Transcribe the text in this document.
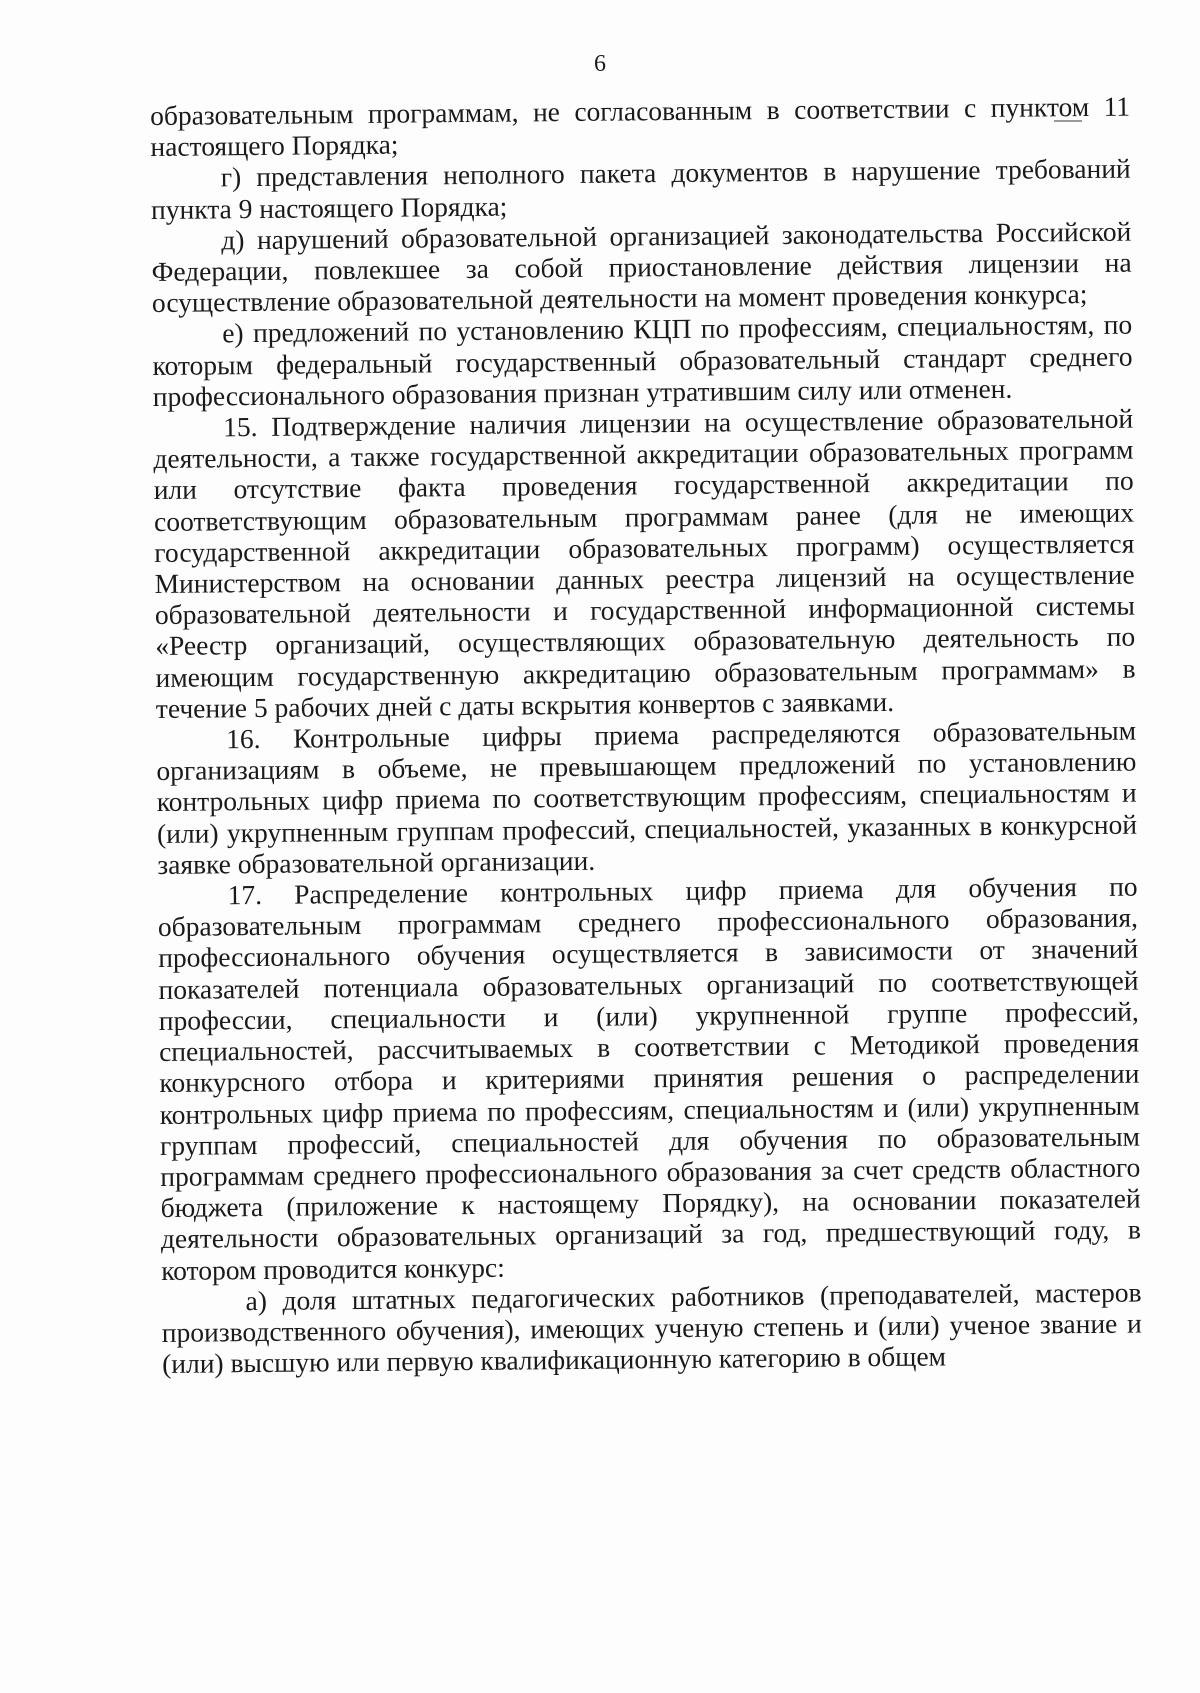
6

образовательным программам, не согласованным в соответствии с пунктом 11 настоящего Порядка;

г) представления неполного пакета документов в нарушение требований пункта 9 настоящего Порядка;

д) нарушений образовательной организацией законодательства Российской Федерации, повлекшее за собой приостановление действия лицензии на осуществление образовательной деятельности на момент проведения конкурса;

е) предложений по установлению КЦП по профессиям, специальностям, по которым федеральный государственный образовательный стандарт среднего профессионального образования признан утратившим силу или отменен.

15. Подтверждение наличия лицензии на осуществление образовательной деятельности, а также государственной аккредитации образовательных программ или отсутствие факта проведения государственной аккредитации по соответствующим образовательным программам ранее (для не имеющих государственной аккредитации образовательных программ) осуществляется Министерством на основании данных реестра лицензий на осуществление образовательной деятельности и государственной информационной системы «Реестр организаций, осуществляющих образовательную деятельность по имеющим государственную аккредитацию образовательным программам» в течение 5 рабочих дней с даты вскрытия конвертов с заявками.

16. Контрольные цифры приема распределяются образовательным организациям в объеме, не превышающем предложений по установлению контрольных цифр приема по соответствующим профессиям, специальностям и (или) укрупненным группам профессий, специальностей, указанных в конкурсной заявке образовательной организации.

17. Распределение контрольных цифр приема для обучения по образовательным программам среднего профессионального образования, профессионального обучения осуществляется в зависимости от значений показателей потенциала образовательных организаций по соответствующей профессии, специальности и (или) укрупненной группе профессий, специальностей, рассчитываемых в соответствии с Методикой проведения конкурсного отбора и критериями принятия решения о распределении контрольных цифр приема по профессиям, специальностям и (или) укрупненным группам профессий, специальностей для обучения по образовательным программам среднего профессионального образования за счет средств областного бюджета (приложение к настоящему Порядку), на основании показателей деятельности образовательных организаций за год, предшествующий году, в котором проводится конкурс:

а) доля штатных педагогических работников (преподавателей, мастеров производственного обучения), имеющих ученую степень и (или) ученое звание и (или) высшую или первую квалификационную категорию в общем
